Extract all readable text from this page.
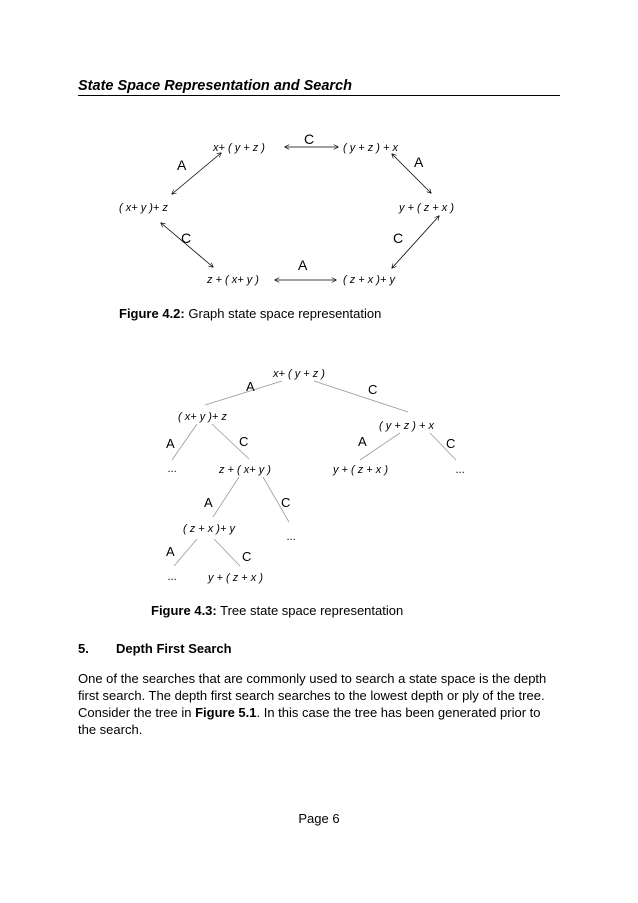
State Space Representation and Search
x+ ( y + z )	( y + z ) + x
( x+ y )+ z	y + ( z + x )
z + ( x+ y )	( z + x )+ y
C
A	A
C	C
A
x+ ( y + z )
( x+ y )+ z
( y + z ) + x
...	z + ( x+ y )	y + ( z + x )	...
( z + x )+ y
...
...	y + ( z + x )
A	C
A	C	A	C
A	C
A	C
Figure 4.2: Graph state space representation
Figure 4.3: Tree state space representation
5. Depth First Search
One of the searches that are commonly used to search a state space is the depth first search. The depth first search searches to the lowest depth or ply of the tree. Consider the tree in Figure 5.1. In this case the tree has been generated prior to the search.
Page 6
